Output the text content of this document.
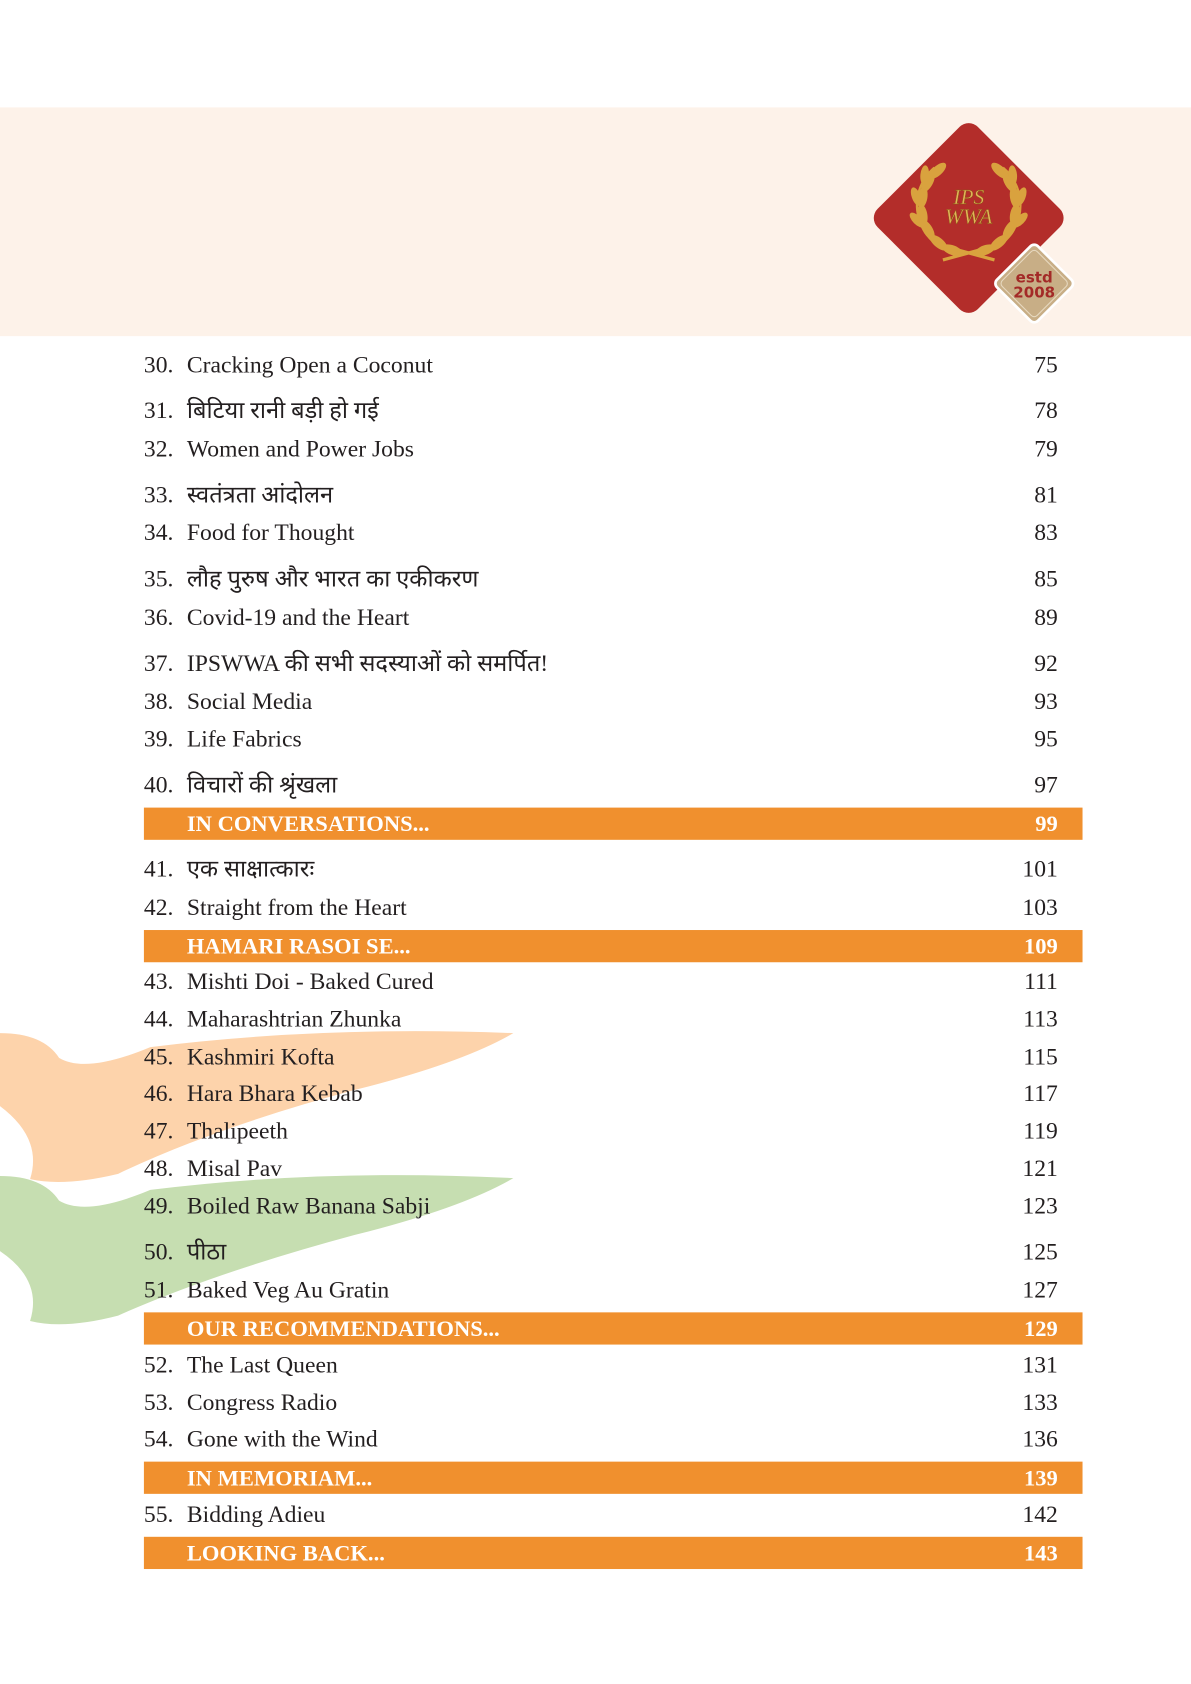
IPS
WWA
estd
2008
30. Cracking Open a Coconut	75
31. बिटिया रानी बड़ी हो गई	78
32. Women and Power Jobs	79
33. स्वतंत्रता आंदोलन	81
34. Food for Thought	83
35. लौह पुरुष और भारत का एकीकरण	85
36. Covid-19 and the Heart	89
37. IPSWWA की सभी सदस्याओं को समर्पित!	92
38. Social Media	93
39. Life Fabrics	95
40. विचारों की श्रृंखला	97
IN CONVERSATIONS...	99
41. एक साक्षात्कारः	101
42. Straight from the Heart	103
HAMARI RASOI SE...	109
43. Mishti Doi - Baked Cured	111
44. Maharashtrian Zhunka	113
45. Kashmiri Kofta	115
46. Hara Bhara Kebab	117
47. Thalipeeth	119
48. Misal Pav	121
49. Boiled Raw Banana Sabji	123
50. पीठा	125
51. Baked Veg Au Gratin	127
OUR RECOMMENDATIONS...	129
52. The Last Queen	131
53. Congress Radio	133
54. Gone with the Wind	136
IN MEMORIAM...	139
55. Bidding Adieu	142
LOOKING BACK...	143
